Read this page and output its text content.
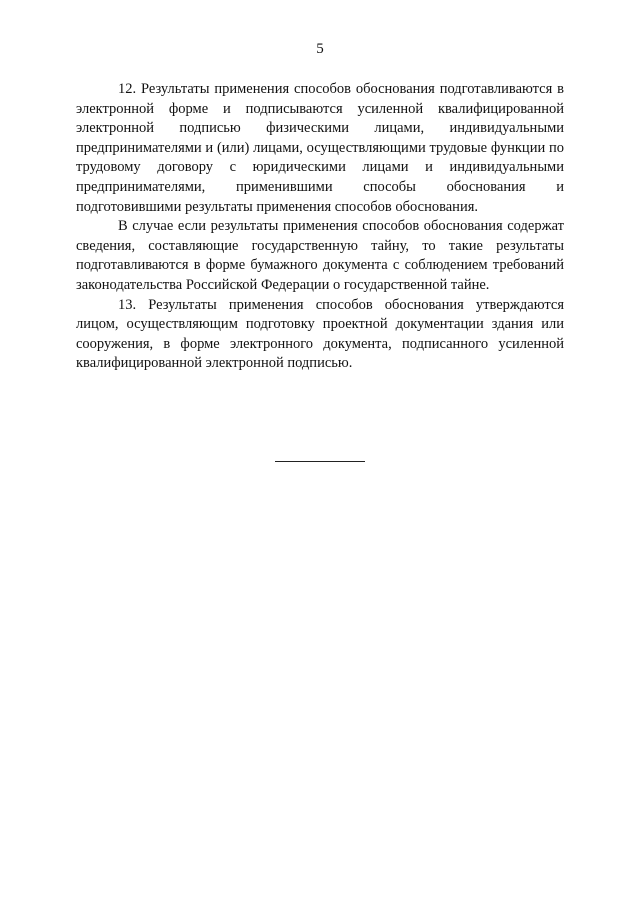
5

12. Результаты применения способов обоснования подготавливаются в электронной форме и подписываются усиленной квалифицированной электронной подписью физическими лицами, индивидуальными предпринимателями и (или) лицами, осуществляющими трудовые функции по трудовому договору с юридическими лицами и индивидуальными предпринимателями, применившими способы обоснования и подготовившими результаты применения способов обоснования.

В случае если результаты применения способов обоснования содержат сведения, составляющие государственную тайну, то такие результаты подготавливаются в форме бумажного документа с соблюдением требований законодательства Российской Федерации о государственной тайне.

13. Результаты применения способов обоснования утверждаются лицом, осуществляющим подготовку проектной документации здания или сооружения, в форме электронного документа, подписанного усиленной квалифицированной электронной подписью.
